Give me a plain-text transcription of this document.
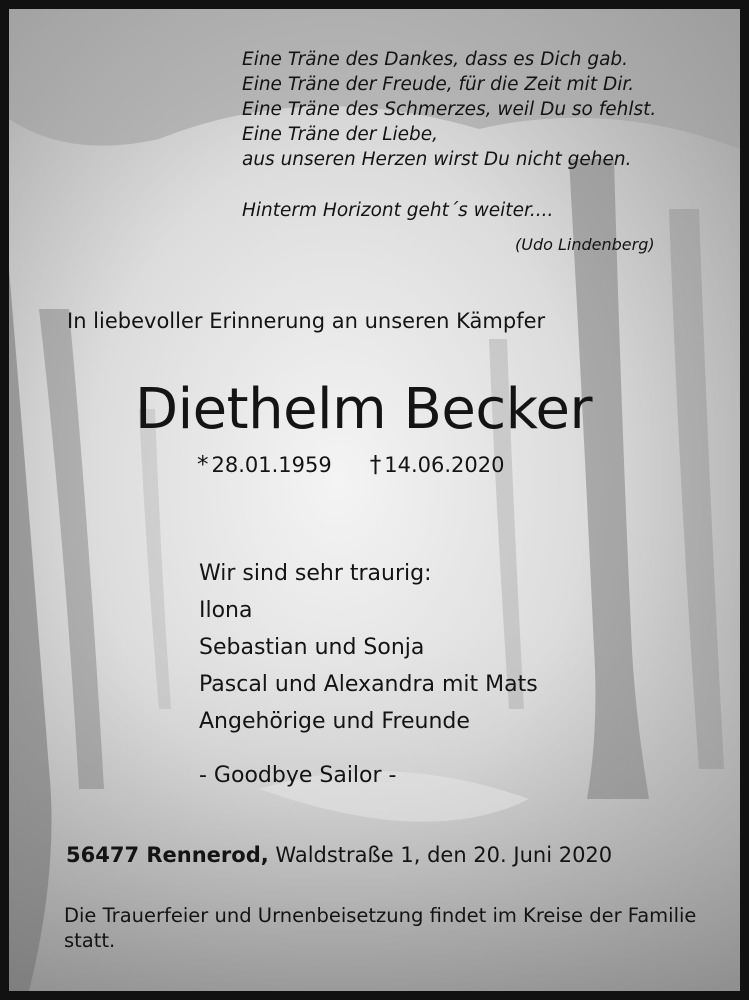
Eine Träne des Dankes, dass es Dich gab.
Eine Träne der Freude, für die Zeit mit Dir.
Eine Träne des Schmerzes, weil Du so fehlst.
Eine Träne der Liebe,
aus unseren Herzen wirst Du nicht gehen.
Hinterm Horizont geht´s weiter....
(Udo Lindenberg)
In liebevoller Erinnerung an unseren Kämpfer
Diethelm Becker
* 28.01.1959 † 14.06.2020
Wir sind sehr traurig:
Ilona
Sebastian und Sonja
Pascal und Alexandra mit Mats
Angehörige und Freunde
- Goodbye Sailor -
56477 Rennerod, Waldstraße 1, den 20. Juni 2020
Die Trauerfeier und Urnenbeisetzung findet im Kreise der Familie statt.
